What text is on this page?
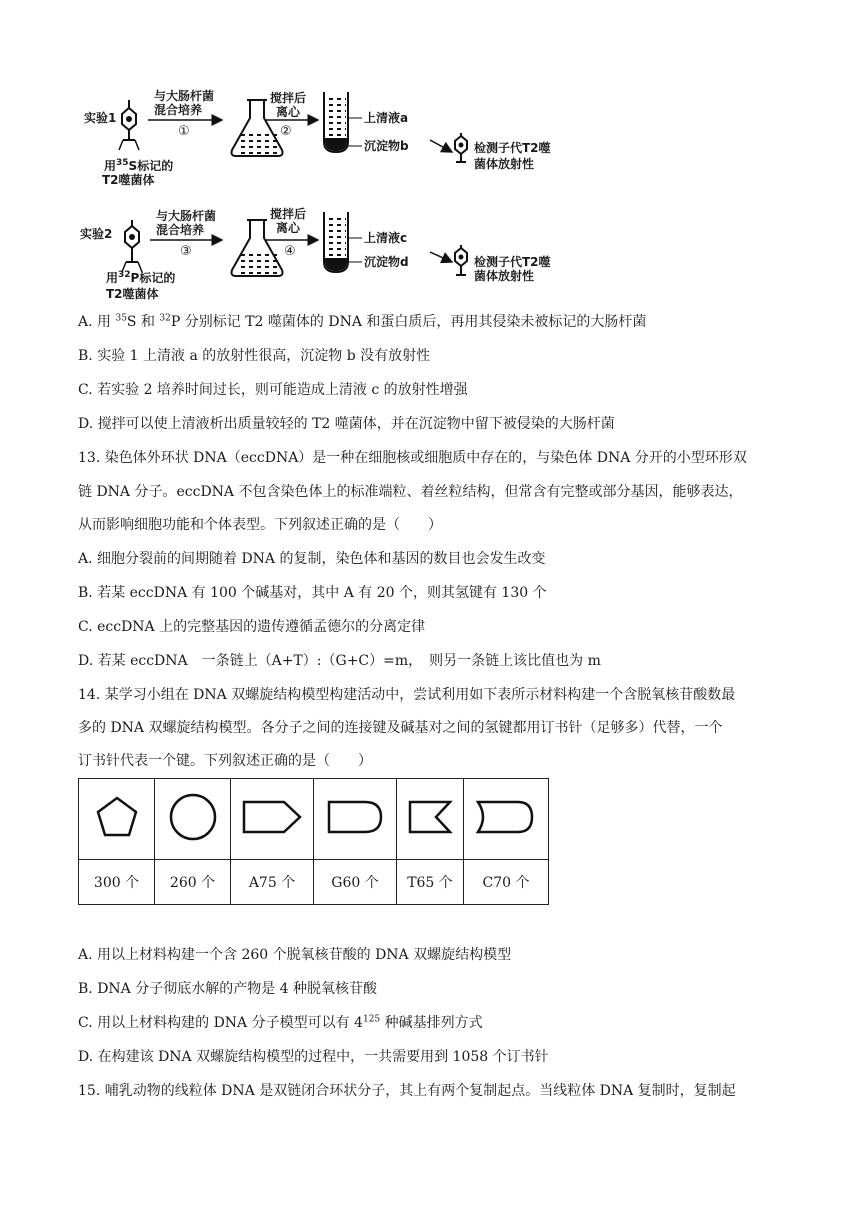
实验1
与大肠杆菌
混合培养
①
搅拌后
离心
②
上清液a
沉淀物b	检测子代T2噬
菌体放射性
用$^{35}$S标记的
T2噬菌体
实验2
与大肠杆菌
混合培养
③
搅拌后
离心
④
上清液c
沉淀物d	检测子代T2噬
菌体放射性
用$^{32}$P标记的
T2噬菌体
A. 用 $^{35}$S 和 $^{32}$P 分别标记 T2 噬菌体的 DNA 和蛋白质后，再用其侵染未被标记的大肠杆菌
B. 实验 1 上清液 a 的放射性很高，沉淀物 b 没有放射性
C. 若实验 2 培养时间过长，则可能造成上清液 c 的放射性增强
D. 搅拌可以使上清液析出质量较轻的 T2 噬菌体，并在沉淀物中留下被侵染的大肠杆菌
13. 染色体外环状 DNA（eccDNA）是一种在细胞核或细胞质中存在的，与染色体 DNA 分开的小型环形双
链 DNA 分子。eccDNA 不包含染色体上的标准端粒、着丝粒结构，但常含有完整或部分基因，能够表达，
从而影响细胞功能和个体表型。下列叙述正确的是（　　）
A. 细胞分裂前的间期随着 DNA 的复制，染色体和基因的数目也会发生改变
B. 若某 eccDNA 有 100 个碱基对，其中 A 有 20 个，则其氢键有 130 个
C. eccDNA 上的完整基因的遗传遵循孟德尔的分离定律
D. 若某 eccDNA　一条链上（A+T）:（G+C）=m，　则另一条链上该比值也为 m
14. 某学习小组在 DNA 双螺旋结构模型构建活动中，尝试利用如下表所示材料构建一个含脱氧核苷酸数最
多的 DNA 双螺旋结构模型。各分子之间的连接键及碱基对之间的氢键都用订书针（足够多）代替，一个
订书针代表一个键。下列叙述正确的是（　　）

300 个	260 个	A75 个	G60 个	T65 个	C70 个
A. 用以上材料构建一个含 260 个脱氧核苷酸的 DNA 双螺旋结构模型
B. DNA 分子彻底水解的产物是 4 种脱氧核苷酸
C. 用以上材料构建的 DNA 分子模型可以有 $4^{125}$ 种碱基排列方式
D. 在构建该 DNA 双螺旋结构模型的过程中，一共需要用到 1058 个订书针
15. 哺乳动物的线粒体 DNA 是双链闭合环状分子，其上有两个复制起点。当线粒体 DNA 复制时，复制起
